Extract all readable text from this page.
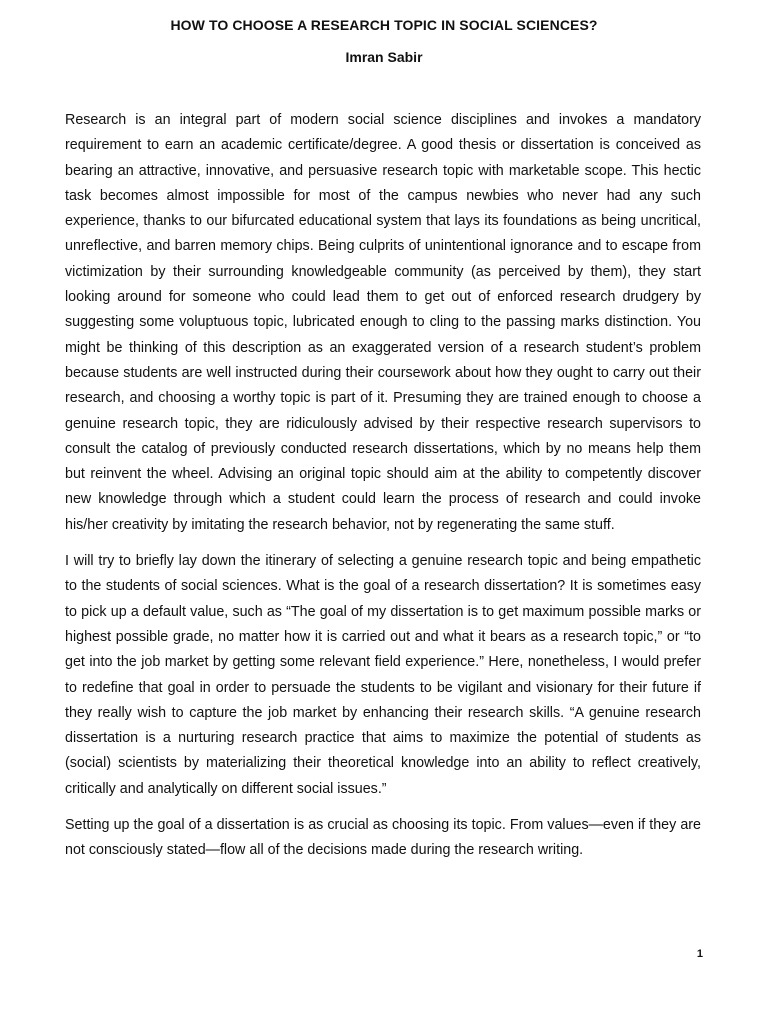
HOW TO CHOOSE A RESEARCH TOPIC IN SOCIAL SCIENCES?
Imran Sabir

Research is an integral part of modern social science disciplines and invokes a mandatory requirement to earn an academic certificate/degree. A good thesis or dissertation is conceived as bearing an attractive, innovative, and persuasive research topic with marketable scope. This hectic task becomes almost impossible for most of the campus newbies who never had any such experience, thanks to our bifurcated educational system that lays its foundations as being uncritical, unreflective, and barren memory chips. Being culprits of unintentional ignorance and to escape from victimization by their surrounding knowledgeable community (as perceived by them), they start looking around for someone who could lead them to get out of enforced research drudgery by suggesting some voluptuous topic, lubricated enough to cling to the passing marks distinction. You might be thinking of this description as an exaggerated version of a research student’s problem because students are well instructed during their coursework about how they ought to carry out their research, and choosing a worthy topic is part of it. Presuming they are trained enough to choose a genuine research topic, they are ridiculously advised by their respective research supervisors to consult the catalog of previously conducted research dissertations, which by no means help them but reinvent the wheel. Advising an original topic should aim at the ability to competently discover new knowledge through which a student could learn the process of research and could invoke his/her creativity by imitating the research behavior, not by regenerating the same stuff.

I will try to briefly lay down the itinerary of selecting a genuine research topic and being empathetic to the students of social sciences. What is the goal of a research dissertation? It is sometimes easy to pick up a default value, such as “The goal of my dissertation is to get maximum possible marks or highest possible grade, no matter how it is carried out and what it bears as a research topic,” or “to get into the job market by getting some relevant field experience.” Here, nonetheless, I would prefer to redefine that goal in order to persuade the students to be vigilant and visionary for their future if they really wish to capture the job market by enhancing their research skills. “A genuine research dissertation is a nurturing research practice that aims to maximize the potential of students as (social) scientists by materializing their theoretical knowledge into an ability to reflect creatively, critically and analytically on different social issues.”

Setting up the goal of a dissertation is as crucial as choosing its topic. From values—even if they are not consciously stated—flow all of the decisions made during the research writing.

1
